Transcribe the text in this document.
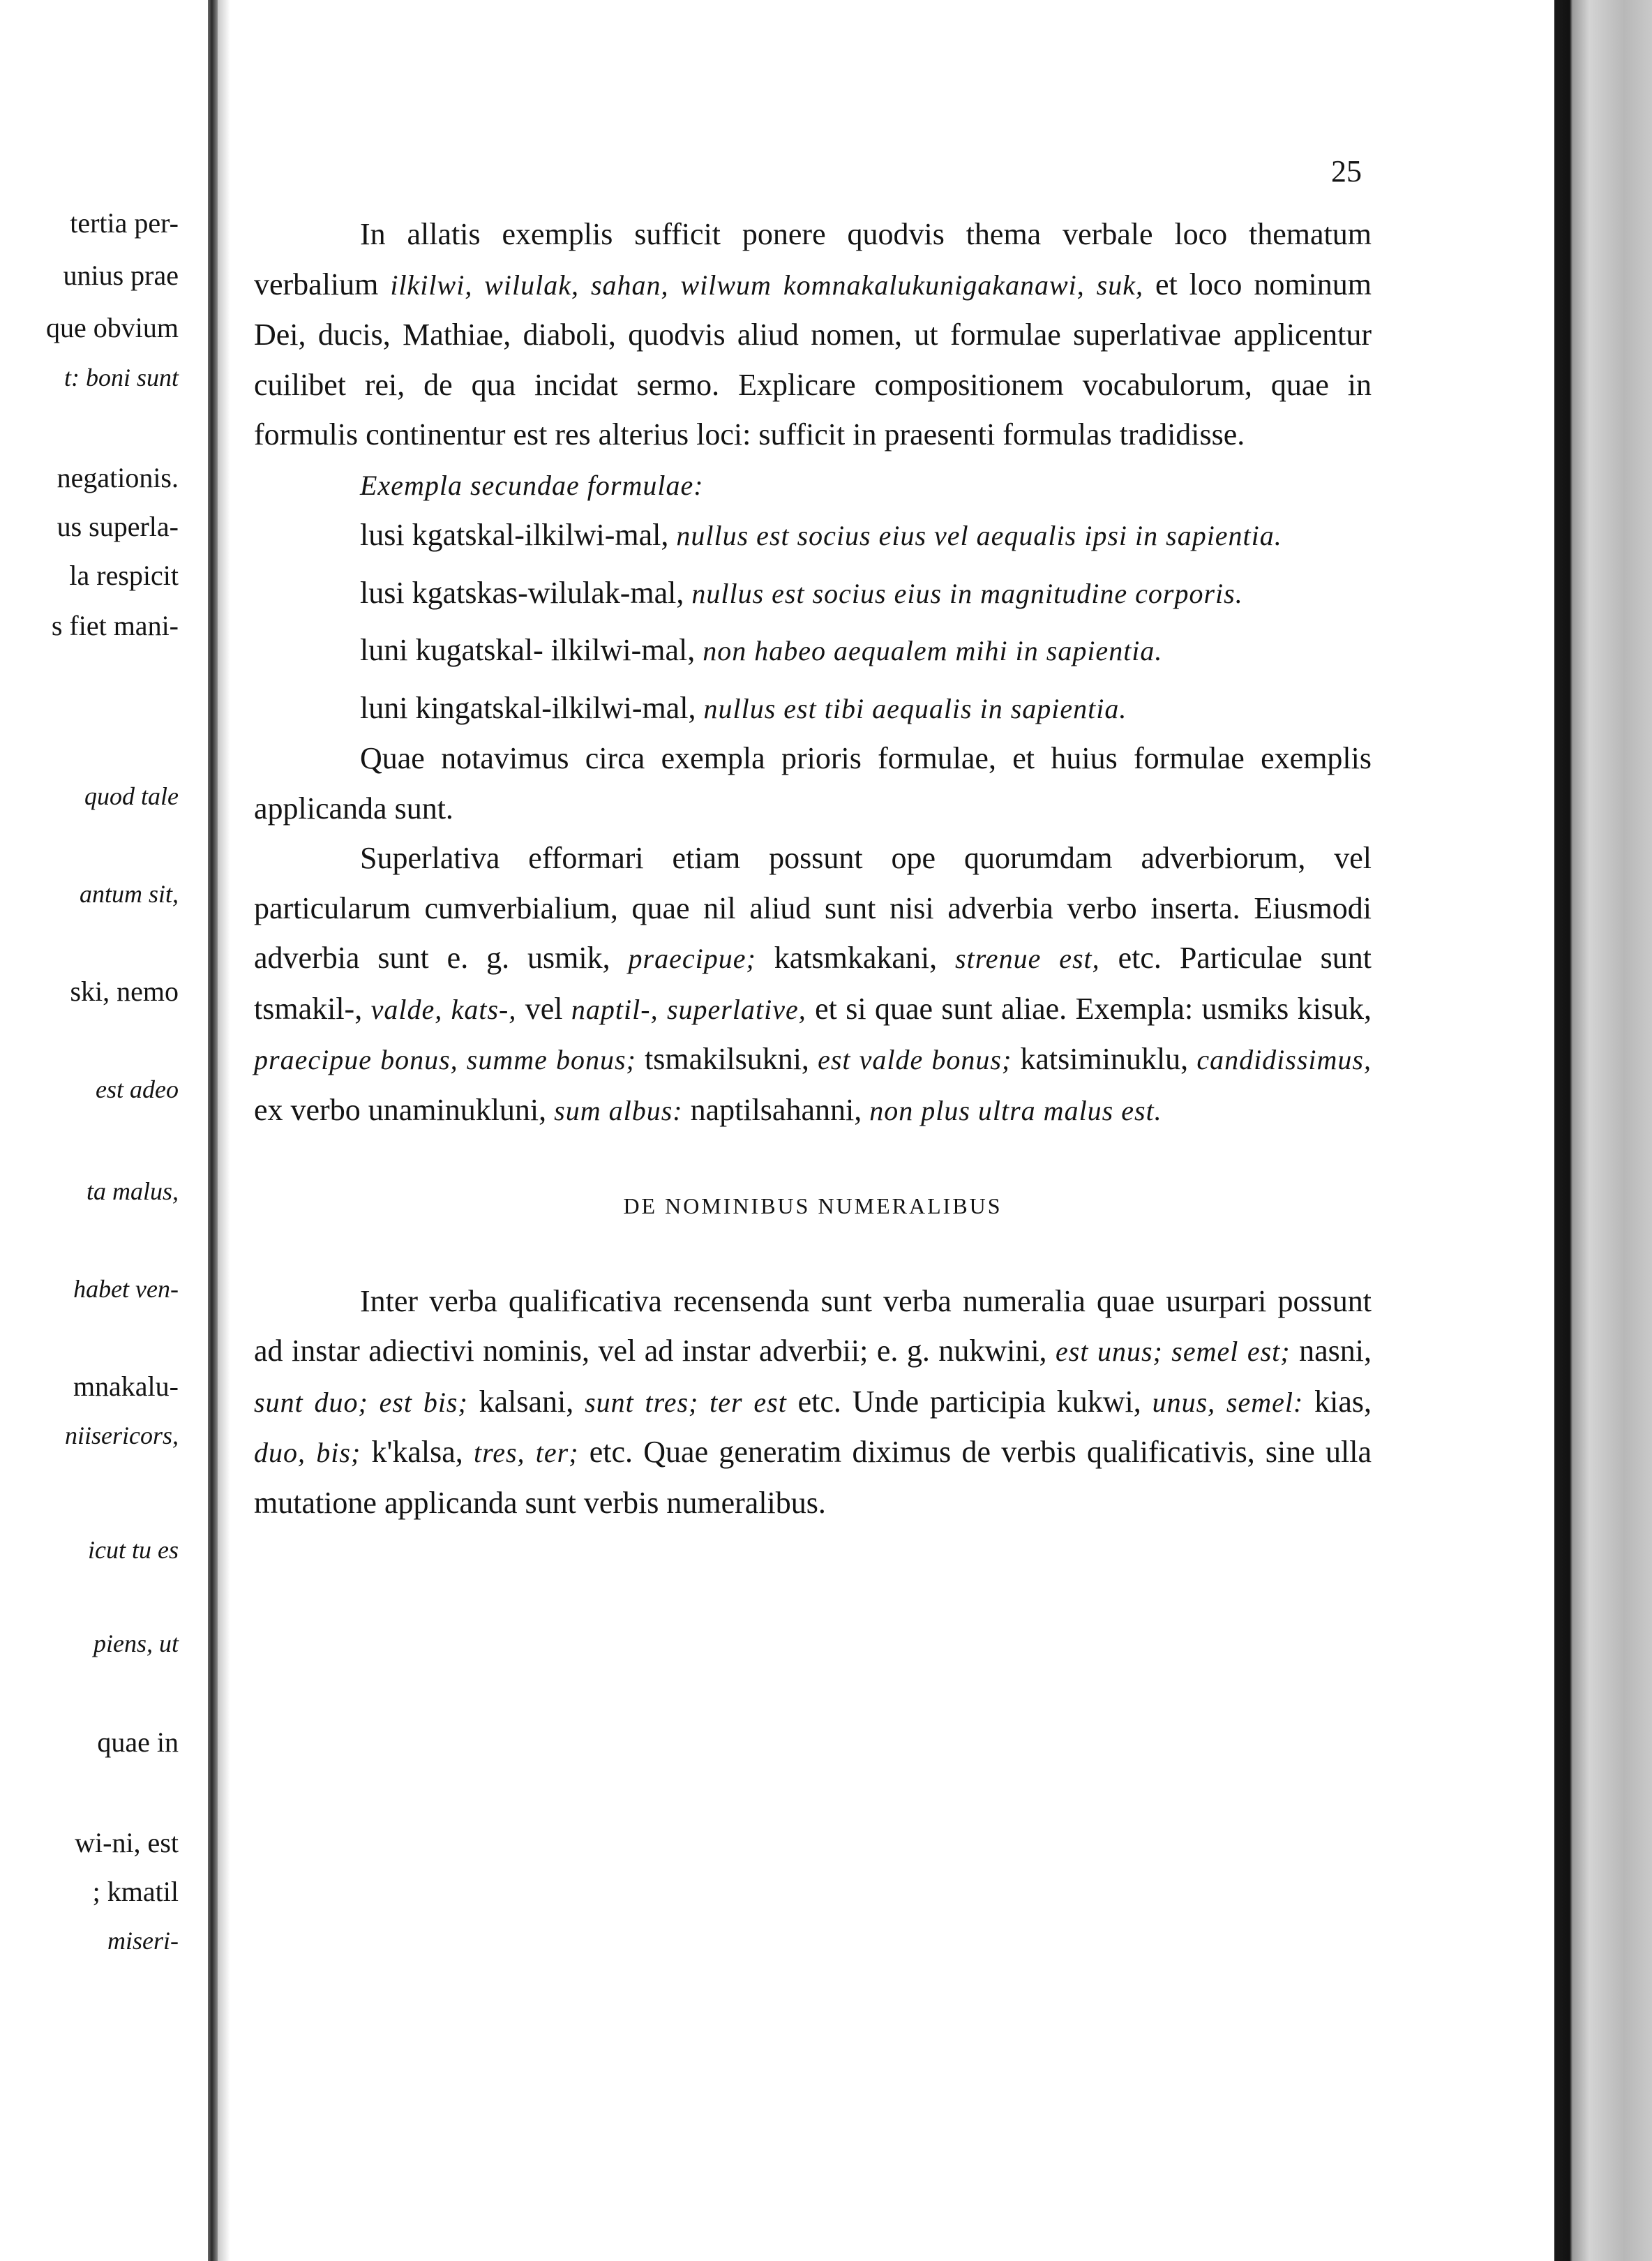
tertia per-
unius prae
que obvium
t: boni sunt
negationis.
us superla-
la respicit
s fiet mani-
quod tale
antum sit,
ski, nemo
est adeo
ta malus,
habet ven-
mnakalu-
niisericors,
icut tu es
piens, ut
quae in
wi-ni, est
; kmatil
miseri-
25

In allatis exemplis sufficit ponere quodvis thema verbale loco thematum verbalium ilkilwi, wilulak, sahan, wilwum komnakalukunigakanawi, suk, et loco nominum Dei, ducis, Mathiae, diaboli, quodvis aliud nomen, ut formulae superlativae applicentur cuilibet rei, de qua incidat sermo. Explicare compositionem vocabulorum, quae in formulis continentur est res alterius loci: sufficit in praesenti formulas tradidisse.

Exempla secundae formulae:

lusi kgatskal-ilkilwi-mal, nullus est socius eius vel aequalis ipsi in sapientia.

lusi kgatskas-wilulak-mal, nullus est socius eius in magnitudine corporis.

luni kugatskal- ilkilwi-mal, non habeo aequalem mihi in sapientia.

luni kingatskal-ilkilwi-mal, nullus est tibi aequalis in sapientia.

Quae notavimus circa exempla prioris formulae, et huius formulae exemplis applicanda sunt.

Superlativa efformari etiam possunt ope quorumdam adverbiorum, vel particularum cumverbialium, quae nil aliud sunt nisi adverbia verbo inserta. Eiusmodi adverbia sunt e. g. usmik, praecipue; katsmkakani, strenue est, etc. Particulae sunt tsmakil-, valde, kats-, vel naptil-, superlative, et si quae sunt aliae. Exempla: usmiks kisuk, praecipue bonus, summe bonus; tsmakilsukni, est valde bonus; katsiminuklu, candidissimus, ex verbo unaminukluni, sum albus: naptilsahanni, non plus ultra malus est.

DE NOMINIBUS NUMERALIBUS

Inter verba qualificativa recensenda sunt verba numeralia quae usurpari possunt ad instar adiectivi nominis, vel ad instar adverbii; e. g. nukwini, est unus; semel est; nasni, sunt duo; est bis; kalsani, sunt tres; ter est etc. Unde participia kukwi, unus, semel: kias, duo, bis; k'kalsa, tres, ter; etc. Quae generatim diximus de verbis qualificativis, sine ulla mutatione applicanda sunt verbis numeralibus.
